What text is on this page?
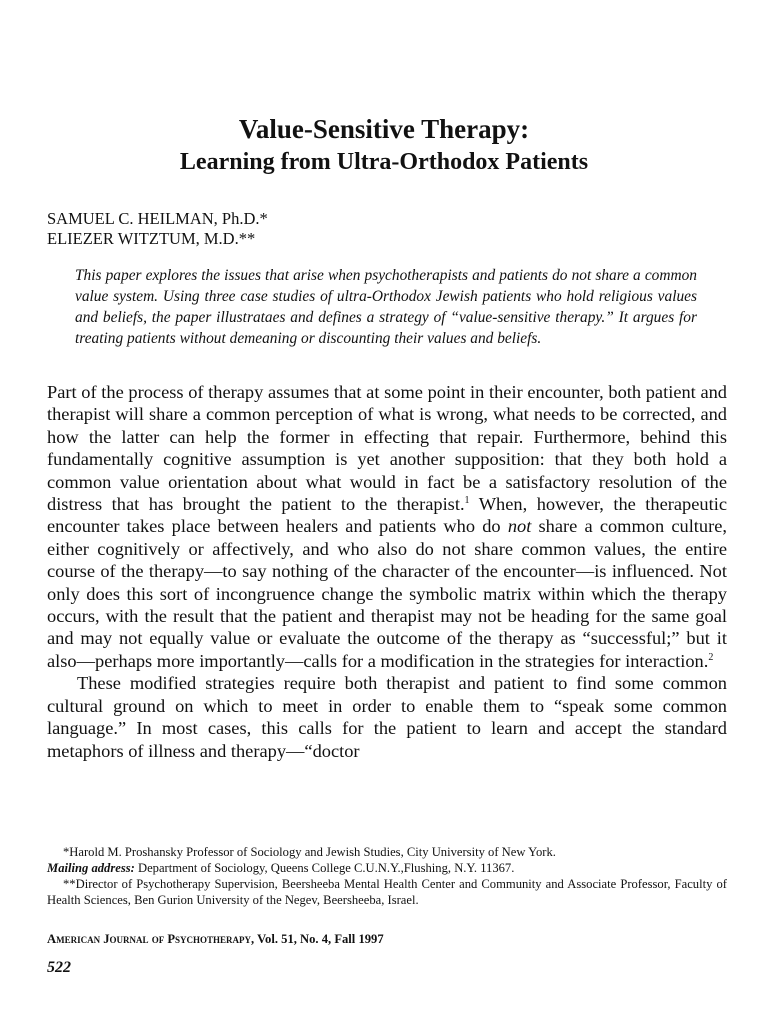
Value-Sensitive Therapy:
Learning from Ultra-Orthodox Patients
SAMUEL C. HEILMAN, Ph.D.*
ELIEZER WITZTUM, M.D.**

This paper explores the issues that arise when psychotherapists and patients do not share a common value system. Using three case studies of ultra-Orthodox Jewish patients who hold religious values and beliefs, the paper illustrataes and defines a strategy of “value-sensitive therapy.” It argues for treating patients without demeaning or discounting their values and beliefs.

Part of the process of therapy assumes that at some point in their encounter, both patient and therapist will share a common perception of what is wrong, what needs to be corrected, and how the latter can help the former in effecting that repair. Furthermore, behind this fundamentally cognitive assumption is yet another supposition: that they both hold a common value orientation about what would in fact be a satisfactory resolution of the distress that has brought the patient to the therapist.$^1$ When, however, the therapeutic encounter takes place between healers and patients who do not share a common culture, either cognitively or affectively, and who also do not share common values, the entire course of the therapy—to say nothing of the character of the encounter—is influenced. Not only does this sort of incongruence change the symbolic matrix within which the therapy occurs, with the result that the patient and therapist may not be heading for the same goal and may not equally value or evaluate the outcome of the therapy as “successful;” but it also—perhaps more importantly—calls for a modification in the strategies for interaction.$^2$

These modified strategies require both therapist and patient to find some common cultural ground on which to meet in order to enable them to “speak some common language.” In most cases, this calls for the patient to learn and accept the standard metaphors of illness and therapy—“doctor

*Harold M. Proshansky Professor of Sociology and Jewish Studies, City University of New York.

Mailing address: Department of Sociology, Queens College C.U.N.Y.,Flushing, N.Y. 11367.

**Director of Psychotherapy Supervision, Beersheeba Mental Health Center and Community and Associate Professor, Faculty of Health Sciences, Ben Gurion University of the Negev, Beersheeba, Israel.

American Journal of Psychotherapy, Vol. 51, No. 4, Fall 1997
522
